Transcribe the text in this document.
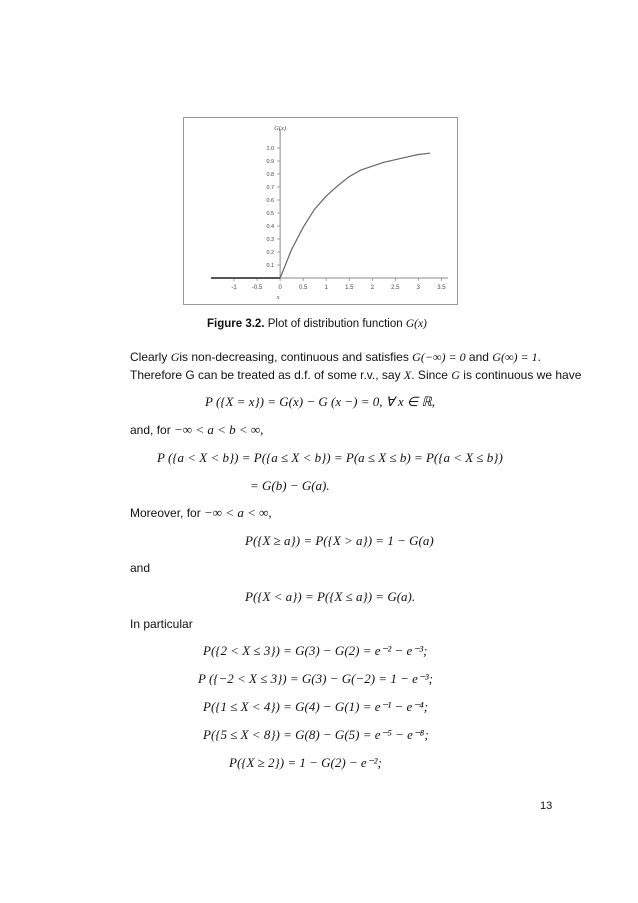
0.1
0.2
0.3
0.4
0.5
0.6
0.7
0.8
0.9
1.0
-1	-0.5	0	0.5	1	1.5	2	2.5	3	3.5
G(x)
x
Figure 3.2. Plot of distribution function G(x)
Clearly Gis non-decreasing, continuous and satisfies G(−∞) = 0 and G(∞) = 1.
Therefore G can be treated as d.f. of some r.v., say X. Since G is continuous we have
P ({X = x}) = G(x) − G (x −) = 0, ∀ x ∈ ℝ,
and, for −∞ < a < b < ∞,
P ({a < X < b}) = P({a ≤ X < b}) = P(a ≤ X ≤ b) = P({a < X ≤ b})
= G(b) − G(a).
Moreover, for −∞ < a < ∞,
P({X ≥ a}) = P({X > a}) = 1 − G(a)
and
P({X < a}) = P({X ≤ a}) = G(a).
In particular
P({2 < X ≤ 3}) = G(3) − G(2) = e⁻² − e⁻³;
P ({−2 < X ≤ 3}) = G(3) − G(−2) = 1 − e⁻³;
P({1 ≤ X < 4}) = G(4) − G(1) = e⁻¹ − e⁻⁴;
P({5 ≤ X < 8}) = G(8) − G(5) = e⁻⁵ − e⁻⁸;
P({X ≥ 2}) = 1 − G(2) − e⁻²;
13
